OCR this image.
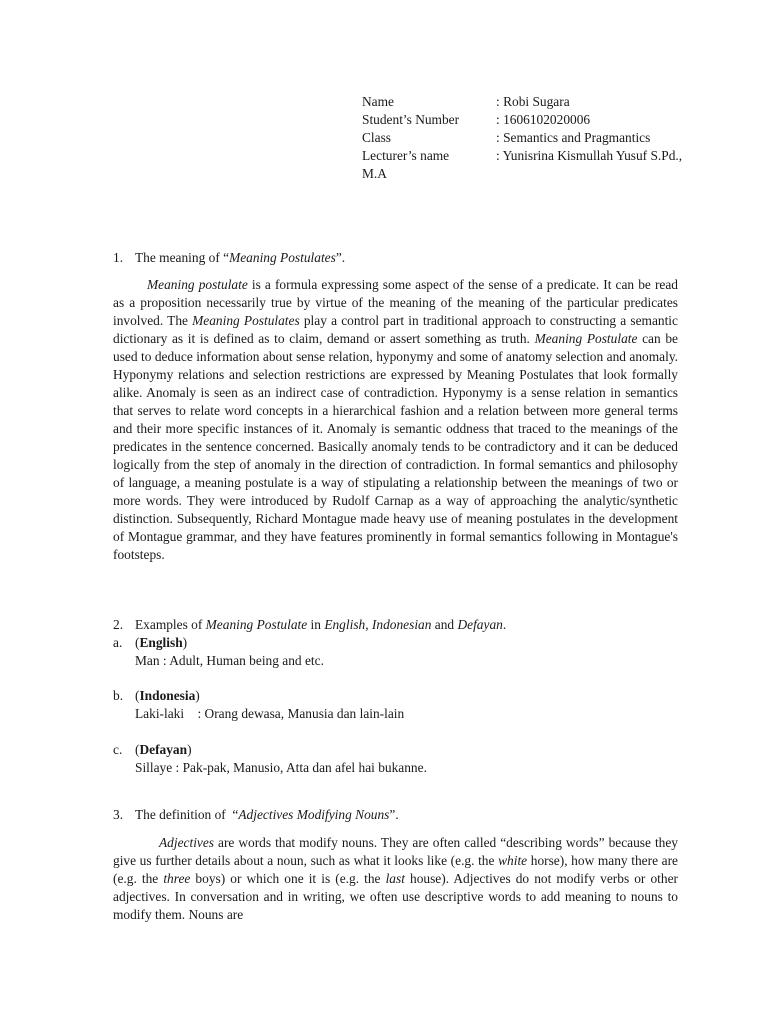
Name	: Robi Sugara
Student’s Number	: 1606102020006
Class	: Semantics and Pragmantics
Lecturer’s name	: Yunisrina Kismullah Yusuf S.Pd.,
M.A
1. The meaning of “Meaning Postulates”.

Meaning postulate is a formula expressing some aspect of the sense of a predicate. It can be read as a proposition necessarily true by virtue of the meaning of the meaning of the particular predicates involved. The Meaning Postulates play a control part in traditional approach to constructing a semantic dictionary as it is defined as to claim, demand or assert something as truth. Meaning Postulate can be used to deduce information about sense relation, hyponymy and some of anatomy selection and anomaly. Hyponymy relations and selection restrictions are expressed by Meaning Postulates that look formally alike. Anomaly is seen as an indirect case of contradiction. Hyponymy is a sense relation in semantics that serves to relate word concepts in a hierarchical fashion and a relation between more general terms and their more specific instances of it. Anomaly is semantic oddness that traced to the meanings of the predicates in the sentence concerned. Basically anomaly tends to be contradictory and it can be deduced logically from the step of anomaly in the direction of contradiction. In formal semantics and philosophy of language, a meaning postulate is a way of stipulating a relationship between the meanings of two or more words. They were introduced by Rudolf Carnap as a way of approaching the analytic/synthetic distinction. Subsequently, Richard Montague made heavy use of meaning postulates in the development of Montague grammar, and they have features prominently in formal semantics following in Montague's footsteps.

2. Examples of Meaning Postulate in English, Indonesian and Defayan.
a. (English)
Man : Adult, Human being and etc.
b. (Indonesia)
Laki-laki    : Orang dewasa, Manusia dan lain-lain
c. (Defayan)
Sillaye : Pak-pak, Manusio, Atta dan afel hai bukanne.
3. The definition of  “Adjectives Modifying Nouns”.

Adjectives are words that modify nouns. They are often called “describing words” because they give us further details about a noun, such as what it looks like (e.g. the white horse), how many there are (e.g. the three boys) or which one it is (e.g. the last house). Adjectives do not modify verbs or other adjectives. In conversation and in writing, we often use descriptive words to add meaning to nouns to modify them. Nouns are
